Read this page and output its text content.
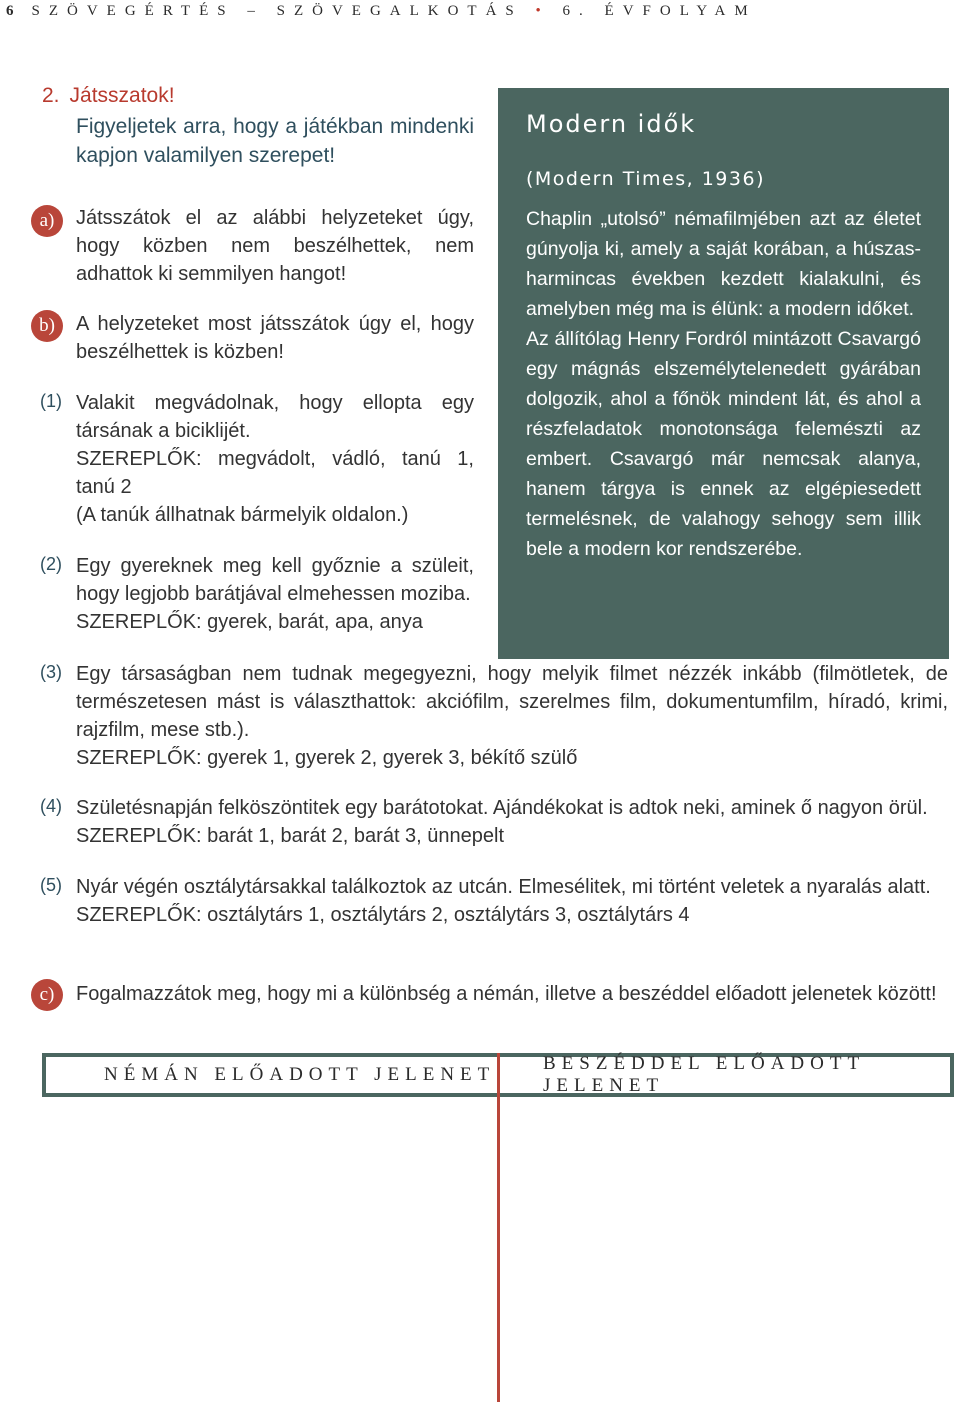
6 SZÖVEGÉRTÉS – SZÖVEGALKOTÁS • 6. ÉVFOLYAM
2. Játsszatok!
Figyeljetek arra, hogy a játékban mindenki kapjon valamilyen szerepet!
a)	Játsszátok el az alábbi helyzeteket úgy, hogy közben nem beszélhettek, nem adhattok ki semmilyen hangot!
b)	A helyzeteket most játsszátok úgy el, hogy beszélhettek is közben!
(1) Valakit megvádolnak, hogy ellopta egy társának a biciklijét.
SZEREPLŐK: megvádolt, vádló, tanú 1, tanú 2
(A tanúk állhatnak bármelyik oldalon.)
(2) Egy gyereknek meg kell győznie a szüleit, hogy legjobb barátjával elmehessen moziba.
SZEREPLŐK: gyerek, barát, apa, anya
Modern idők
(Modern Times, 1936)

Chaplin „utolsó” némafilmjében azt az életet gúnyolja ki, amely a saját korában, a húszas-harmincas években kezdett kialakulni, és amelyben még ma is élünk: a modern időket.

Az állítólag Henry Fordról mintázott Csavargó egy mágnás elszemélytelenedett gyárában dolgozik, ahol a főnök mindent lát, és ahol a részfeladatok monotonsága felemészti az embert. Csavargó már nemcsak alanya, hanem tárgya is ennek az elgépiesedett termelésnek, de valahogy sehogy sem illik bele a modern kor rendszerébe.

(3) Egy társaságban nem tudnak megegyezni, hogy melyik filmet nézzék inkább (filmötletek, de természetesen mást is választhattok: akciófilm, szerelmes film, dokumentumfilm, híradó, krimi, rajzfilm, mese stb.).
SZEREPLŐK: gyerek 1, gyerek 2, gyerek 3, békítő szülő
(4) Születésnapján felköszöntitek egy barátotokat. Ajándékokat is adtok neki, aminek ő nagyon örül.
SZEREPLŐK: barát 1, barát 2, barát 3, ünnepelt
(5) Nyár végén osztálytársakkal találkoztok az utcán. Elmesélitek, mi történt veletek a nyaralás alatt.
SZEREPLŐK: osztálytárs 1, osztálytárs 2, osztálytárs 3, osztálytárs 4
c)	Fogalmazzátok meg, hogy mi a különbség a némán, illetve a beszéddel előadott jelenetek között!
NÉMÁN ELŐADOTT JELENET
BESZÉDDEL ELŐADOTT JELENET
